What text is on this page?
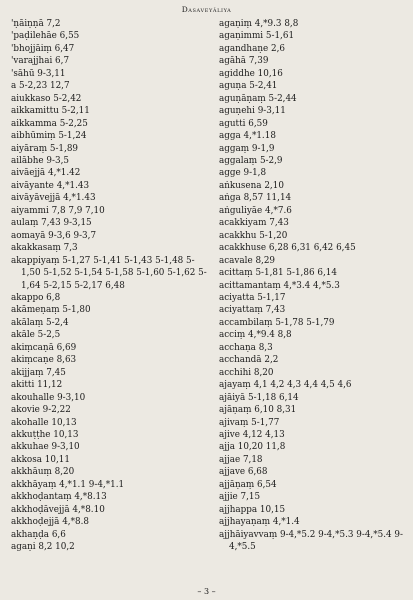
Dasaveyāliya
'ṇāiṇṇā 7,2
'paḍilehāe 6,55
'bhojjāiṃ 6,47
'varajjhai 6,7
'sāhū 9-3,11
a 5-2,23 12,7
aiukkaso 5-2,42
aikkamittu 5-2,11
aikkamma 5-2,25
aibhūmiṃ 5-1,24
aiyāraṃ 5-1,89
ailābhe 9-3,5
aivāejjā 4,*1.42
aivāyante 4,*1.43
aivāyāvejjā 4,*1.43
aiyammi 7,8 7,9 7,10
aulaṃ 7,43 9-3,15
aomayā 9-3,6 9-3,7
akakkasaṃ 7,3
akappiyaṃ 5-1,27 5-1,41 5-1,43 5-1,48 5-1,50 5-1,52 5-1,54 5-1,58 5-1,60 5-1,62 5-1,64 5-2,15 5-2,17 6,48
akappo 6,8
akāmeṇaṃ 5-1,80
akālaṃ 5-2,4
akāle 5-2,5
akiṃcaṇā 6,69
akiṃcaṇe 8,63
akijjaṃ 7,45
akitti 11,12
akouhalle 9-3,10
akovie 9-2,22
akohalle 10,13
akkuṭṭhe 10,13
akkuhae 9-3,10
akkosa 10,11
akkhāuṃ 8,20
akkhāyaṃ 4,*1.1 9-4,*1.1
akkhoḍantaṃ 4,*8.13
akkhoḍāvejjā 4,*8.10
akkhoḍejjā 4,*8.8
akhaṇḍa 6,6
agaṇi 8,2 10,2
agaṇiṃ 4,*9.3 8,8
agaṇimmi 5-1,61
agandhaṇe 2,6
agāhā 7,39
agiddhe 10,16
aguṇa 5-2,41
aguṇāṇaṃ 5-2,44
aguṇehi 9-3,11
agutti 6,59
agga 4,*1.18
aggaṃ 9-1,9
aggalaṃ 5-2,9
agge 9-1,8
aṅkusena 2,10
aṅga 8,57 11,14
aṅguliyāe 4,*7.6
acakkiyam 7,43
acakkhu 5-1,20
acakkhuse 6,28 6,31 6,42 6,45
acavale 8,29
acittaṃ 5-1,81 5-1,86 6,14
acittamantaṃ 4,*3.4 4,*5.3
aciyatta 5-1,17
aciyattaṃ 7,43
accambilaṃ 5-1,78 5-1,79
acciṃ 4,*9.4 8,8
acchaṇa 8,3
acchandā 2,2
acchihi 8,20
ajayaṃ 4,1 4,2 4,3 4,4 4,5 4,6
ajāiyā 5-1,18 6,14
ajāṇaṃ 6,10 8,31
ajivaṃ 5-1,77
ajive 4,12 4,13
ajja 10,20 11,8
ajjae 7,18
ajjave 6,68
ajjāṇaṃ 6,54
ajjie 7,15
ajjhappa 10,15
ajjhayaṇaṃ 4,*1.4
ajjhāiyavvaṃ 9-4,*5.2 9-4,*5.3 9-4,*5.4 9-4,*5.5
– 3 –
